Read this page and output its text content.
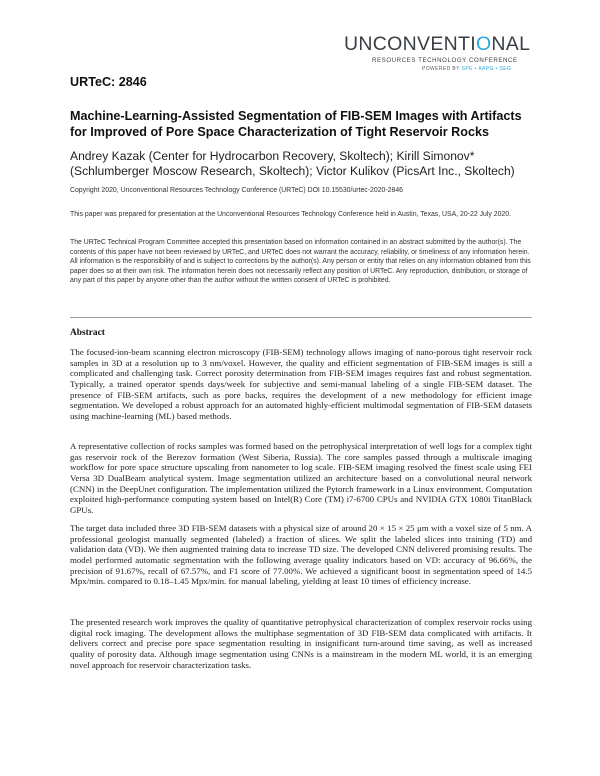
UNCONVENTIONAL
RESOURCES TECHNOLOGY CONFERENCE
POWERED BY SPE • AAPG • SEG
URTeC: 2846
Machine-Learning-Assisted Segmentation of FIB-SEM Images with Artifacts for Improved of Pore Space Characterization of Tight Reservoir Rocks
Andrey Kazak (Center for Hydrocarbon Recovery, Skoltech); Kirill Simonov* (Schlumberger Moscow Research, Skoltech); Victor Kulikov (PicsArt Inc., Skoltech)
Copyright 2020, Unconventional Resources Technology Conference (URTeC) DOI 10.15530/urtec-2020-2846
This paper was prepared for presentation at the Unconventional Resources Technology Conference held in Austin, Texas, USA, 20-22 July 2020.
The URTeC Technical Program Committee accepted this presentation based on information contained in an abstract submitted by the author(s). The contents of this paper have not been reviewed by URTeC, and URTeC does not warrant the accuracy, reliability, or timeliness of any information herein. All information is the responsibility of and is subject to corrections by the author(s). Any person or entity that relies on any information obtained from this paper does so at their own risk. The information herein does not necessarily reflect any position of URTeC. Any reproduction, distribution, or storage of any part of this paper by anyone other than the author without the written consent of URTeC is prohibited.
Abstract
The focused-ion-beam scanning electron microscopy (FIB-SEM) technology allows imaging of nano-porous tight reservoir rock samples in 3D at a resolution up to 3 nm/voxel. However, the quality and efficient segmentation of FIB-SEM images is still a complicated and challenging task. Correct porosity determination from FIB-SEM images requires fast and robust segmentation. Typically, a trained operator spends days/week for subjective and semi-manual labeling of a single FIB-SEM dataset. The presence of FIB-SEM artifacts, such as pore backs, requires the development of a new methodology for efficient image segmentation. We developed a robust approach for an automated highly-efficient multimodal segmentation of FIB-SEM datasets using machine-learning (ML) based methods.
A representative collection of rocks samples was formed based on the petrophysical interpretation of well logs for a complex tight gas reservoir rock of the Berezov formation (West Siberia, Russia). The core samples passed through a multiscale imaging workflow for pore space structure upscaling from nanometer to log scale. FIB-SEM imaging resolved the finest scale using FEI Versa 3D DualBeam analytical system. Image segmentation utilized an architecture based on a convolutional neural network (CNN) in the DeepUnet configuration. The implementation utilized the Pytorch framework in a Linux environment. Computation exploited high-performance computing system based on Intel(R) Core (TM) i7-6700 CPUs and NVIDIA GTX 1080i TitanBlack GPUs.
The target data included three 3D FIB-SEM datasets with a physical size of around 20 × 15 × 25 μm with a voxel size of 5 nm. A professional geologist manually segmented (labeled) a fraction of slices. We split the labeled slices into training (TD) and validation data (VD). We then augmented training data to increase TD size. The developed CNN delivered promising results. The model performed automatic segmentation with the following average quality indicators based on VD: accuracy of 96.66%, the precision of 91.67%, recall of 67.57%, and F1 score of 77.00%. We achieved a significant boost in segmentation speed of 14.5 Mpx/min. compared to 0.18–1.45 Mpx/min. for manual labeling, yielding at least 10 times of efficiency increase.
The presented research work improves the quality of quantitative petrophysical characterization of complex reservoir rocks using digital rock imaging. The development allows the multiphase segmentation of 3D FIB-SEM data complicated with artifacts. It delivers correct and precise pore space segmentation resulting in insignificant turn-around time saving, as well as increased quality of porosity data. Although image segmentation using CNNs is a mainstream in the modern ML world, it is an emerging novel approach for reservoir characterization tasks.
